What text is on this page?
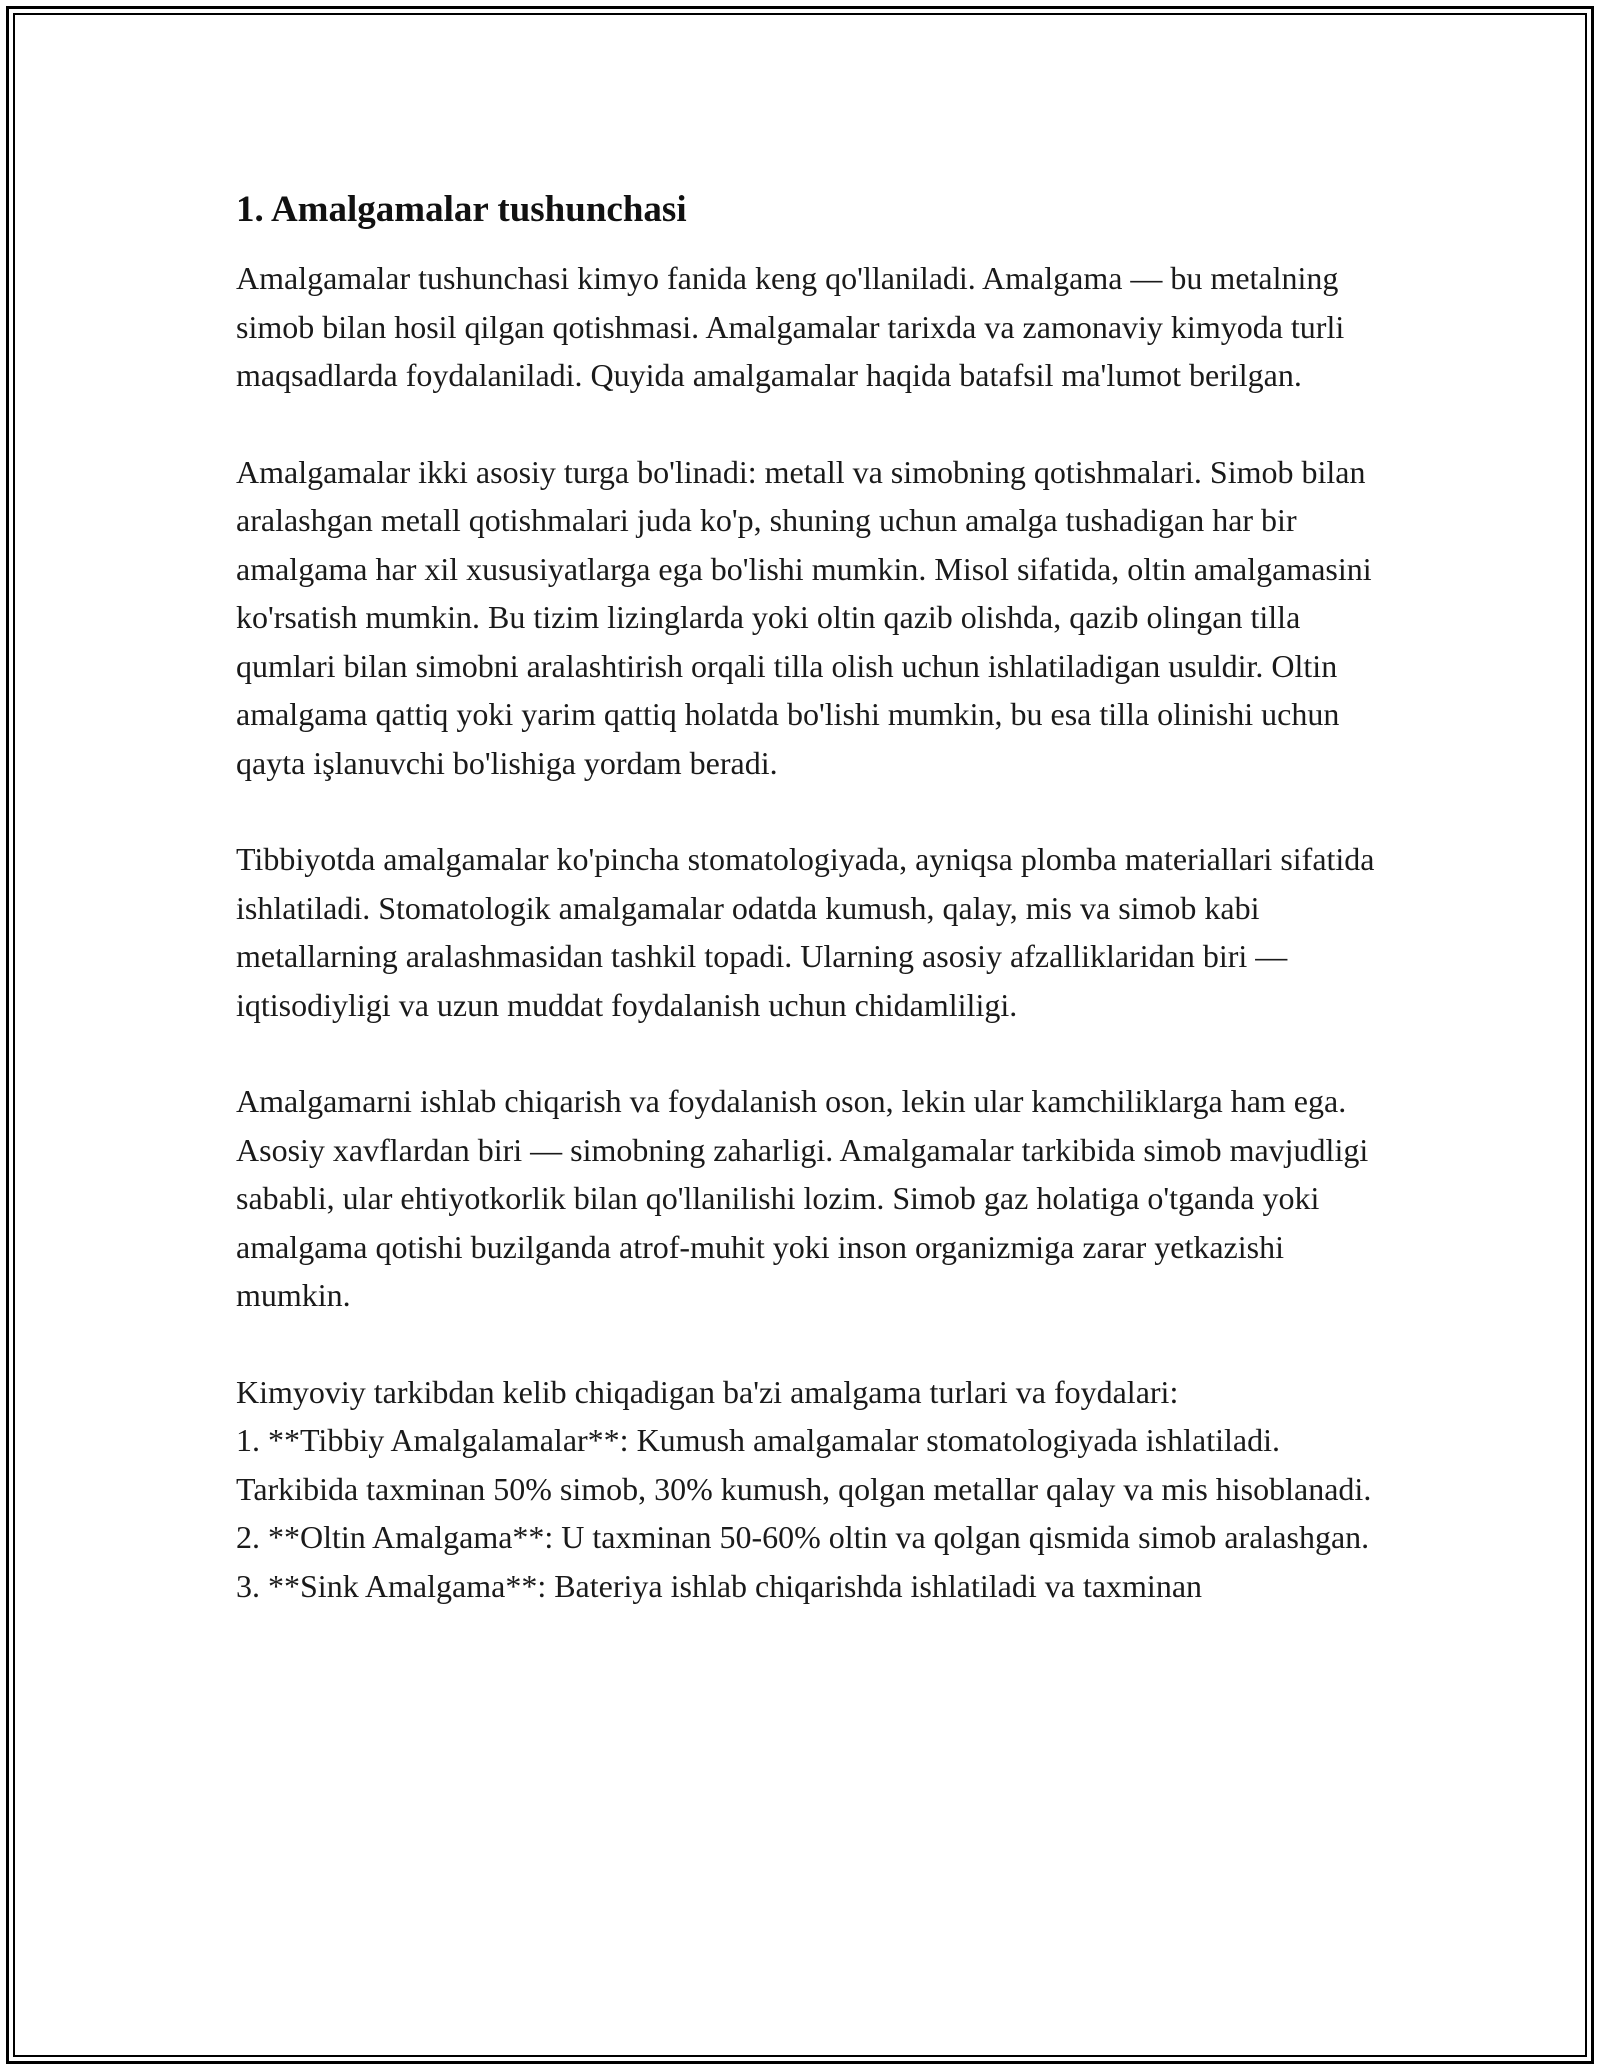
1. Amalgamalar tushunchasi

Amalgamalar tushunchasi kimyo fanida keng qo'llaniladi. Amalgama — bu metalning simob bilan hosil qilgan qotishmasi. Amalgamalar tarixda va zamonaviy kimyoda turli maqsadlarda foydalaniladi. Quyida amalgamalar haqida batafsil ma'lumot berilgan.

Amalgamalar ikki asosiy turga bo'linadi: metall va simobning qotishmalari. Simob bilan aralashgan metall qotishmalari juda ko'p, shuning uchun amalga tushadigan har bir amalgama har xil xususiyatlarga ega bo'lishi mumkin. Misol sifatida, oltin amalgamasini ko'rsatish mumkin. Bu tizim lizinglarda yoki oltin qazib olishda, qazib olingan tilla qumlari bilan simobni aralashtirish orqali tilla olish uchun ishlatiladigan usuldir. Oltin amalgama qattiq yoki yarim qattiq holatda bo'lishi mumkin, bu esa tilla olinishi uchun qayta işlanuvchi bo'lishiga yordam beradi.

Tibbiyotda amalgamalar ko'pincha stomatologiyada, ayniqsa plomba materiallari sifatida ishlatiladi. Stomatologik amalgamalar odatda kumush, qalay, mis va simob kabi metallarning aralashmasidan tashkil topadi. Ularning asosiy afzalliklaridan biri — iqtisodiyligi va uzun muddat foydalanish uchun chidamliligi.

Amalgamarni ishlab chiqarish va foydalanish oson, lekin ular kamchiliklarga ham ega. Asosiy xavflardan biri — simobning zaharligi. Amalgamalar tarkibida simob mavjudligi sababli, ular ehtiyotkorlik bilan qo'llanilishi lozim. Simob gaz holatiga o'tganda yoki amalgama qotishi buzilganda atrof-muhit yoki inson organizmiga zarar yetkazishi mumkin.

Kimyoviy tarkibdan kelib chiqadigan ba'zi amalgama turlari va foydalari:

1. **Tibbiy Amalgalamalar**: Kumush amalgamalar stomatologiyada ishlatiladi. Tarkibida taxminan 50% simob, 30% kumush, qolgan metallar qalay va mis hisoblanadi.

2. **Oltin Amalgama**: U taxminan 50-60% oltin va qolgan qismida simob aralashgan.

3. **Sink Amalgama**: Bateriya ishlab chiqarishda ishlatiladi va taxminan
